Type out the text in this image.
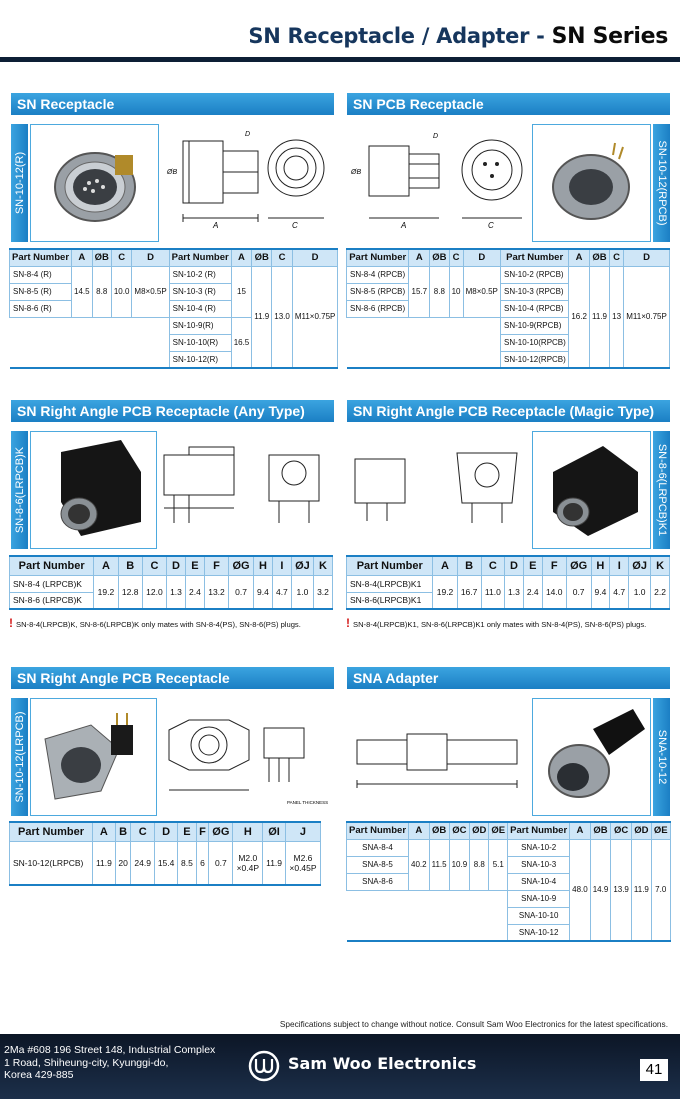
SN Receptacle / Adapter - SN Series
SN Receptacle
SN-10-12(R)
A
ØB
D
C
Part Number	A	ØB	C	D	Part Number	A	ØB	C	D
SN-8-4 (R)	14.5	8.8	10.0	M8×0.5P	SN-10-2 (R)	15	11.9	13.0	M11×0.75P
SN-8-5 (R)					SN-10-3 (R)				
SN-8-6 (R)					SN-10-4 (R)				
					SN-10-9(R)	16.5			
					SN-10-10(R)				
					SN-10-12(R)				
SN PCB Receptacle
A
ØB
D
C
SN-10-12(RPCB)
Part Number	A	ØB	C	D	Part Number	A	ØB	C	D
SN-8-4 (RPCB)	15.7	8.8	10	M8×0.5P	SN-10-2 (RPCB)	16.2	11.9	13	M11×0.75P
SN-8-5 (RPCB)					SN-10-3 (RPCB)				
SN-8-6 (RPCB)					SN-10-4 (RPCB)				
					SN-10-9(RPCB)				
					SN-10-10(RPCB)				
					SN-10-12(RPCB)				
SN Right Angle PCB Receptacle (Any Type)
SN-8-6(LRPCB)K
Part Number	A	B	C	D	E	F	ØG	H	I	ØJ	K
SN-8-4 (LRPCB)K	19.2	12.8	12.0	1.3	2.4	13.2	0.7	9.4	4.7	1.0	3.2
SN-8-6 (LRPCB)K											
! SN-8-4(LRPCB)K, SN-8-6(LRPCB)K only mates with SN-8-4(PS), SN-8-6(PS) plugs.
SN Right Angle PCB Receptacle (Magic Type)
SN-8-6(LRPCB)K1
Part Number	A	B	C	D	E	F	ØG	H	I	ØJ	K
SN-8-4(LRPCB)K1	19.2	16.7	11.0	1.3	2.4	14.0	0.7	9.4	4.7	1.0	2.2
SN-8-6(LRPCB)K1											
! SN-8-4(LRPCB)K1, SN-8-6(LRPCB)K1 only mates with SN-8-4(PS), SN-8-6(PS) plugs.
SN Right Angle PCB Receptacle
SN-10-12(LRPCB)	PANEL THICKNESS
Part Number	A	B	C	D	E	F	ØG	H	ØI	J
SN-10-12(LRPCB)	11.9	20	24.9	15.4	8.5	6	0.7	M2.0
×0.4P	11.9	M2.6
×0.45P
SNA Adapter
SNA-10-12
Part Number	A	ØB	ØC	ØD	ØE	Part Number	A	ØB	ØC	ØD	ØE
SNA-8-4	40.2	11.5	10.9	8.8	5.1	SNA-10-2	48.0	14.9	13.9	11.9	7.0
SNA-8-5						SNA-10-3					
SNA-8-6						SNA-10-4					
						SNA-10-9					
						SNA-10-10					
						SNA-10-12					
Specifications subject to change without notice. Consult Sam Woo Electronics for the latest specifications.
2Ma #608 196 Street 148, Industrial Complex
1 Road, Shiheung-city, Kyunggi-do,
Korea 429-885
Sam Woo Electronics	41
